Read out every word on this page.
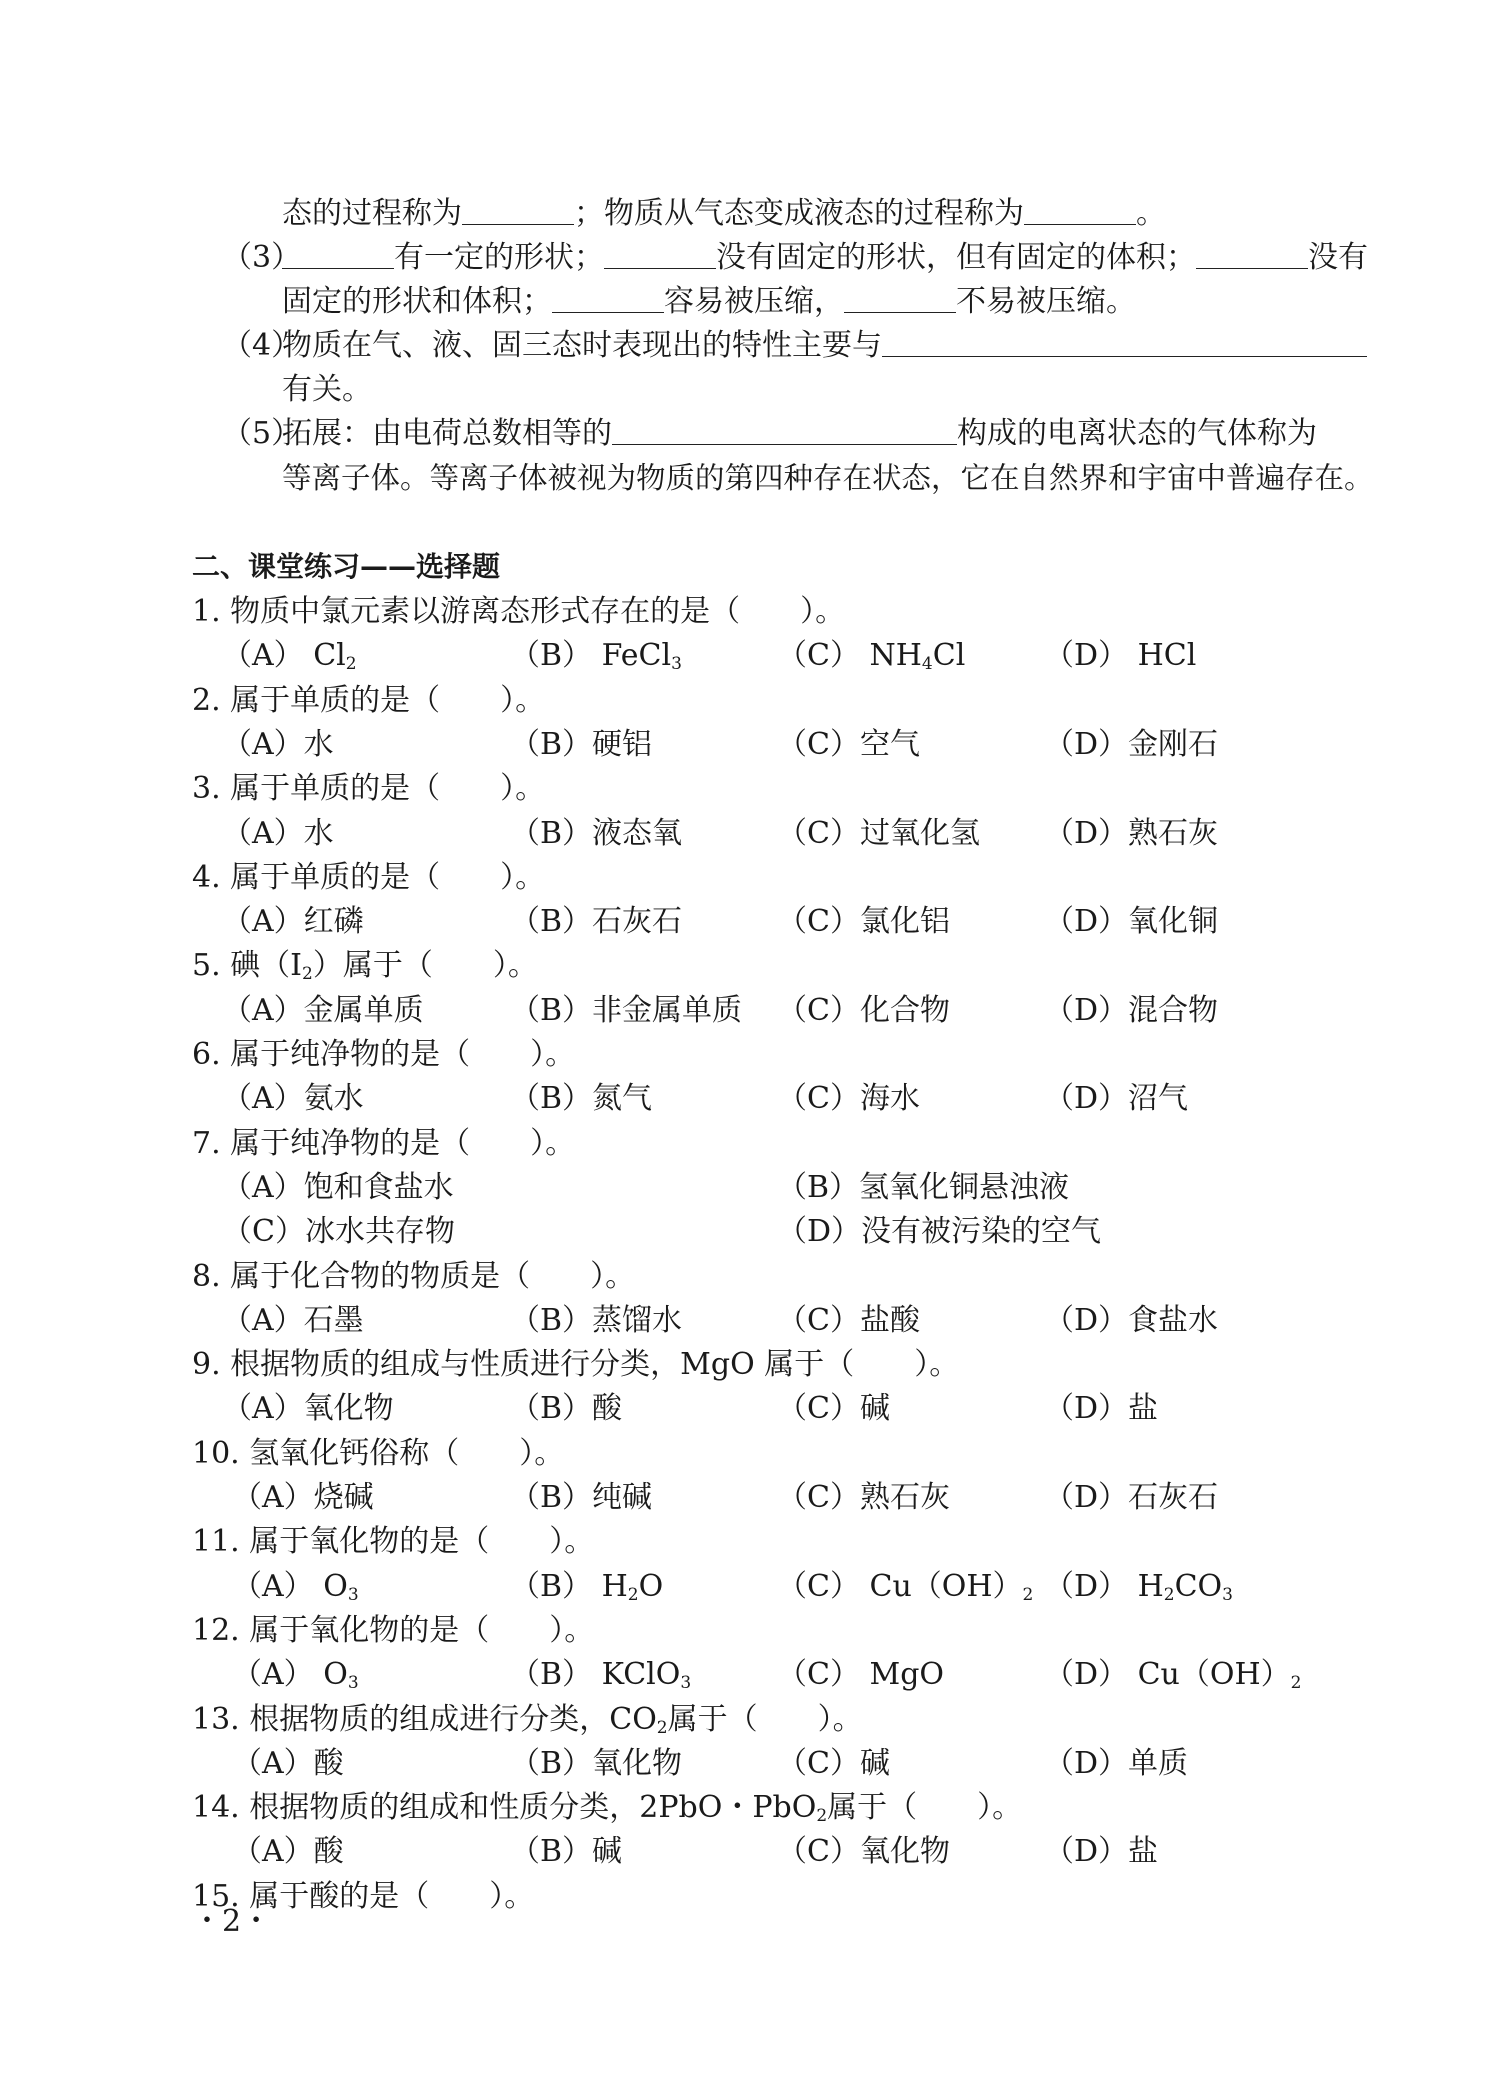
态的过程称为	；物质从气态变成液态的过程称为	。
（3）	有一定的形状；	没有固定的形状，但有固定的体积；	没有
固定的形状和体积；	容易被压缩，	不易被压缩。
（4）
物质在气、液、固三态时表现出的特性主要与
有关。
（5）
拓展：由电荷总数相等的	构成的电离状态的气体称为
等离子体。等离子体被视为物质的第四种存在状态，它在自然界和宇宙中普遍存在。
二、课堂练习——选择题
1. 物质中氯元素以游离态形式存在的是（　　）。
（A） $Cl_2$	（B） FeCl$_3$	（C） $NH_4Cl$	（D） HCl
2. 属于单质的是（　　）。
（A）水	（B）硬铝	（C）空气	（D）金刚石
3. 属于单质的是（　　）。
（A）水	（B）液态氧	（C）过氧化氢 （D）熟石灰
4. 属于单质的是（　　）。
（A）红磷	（B）石灰石	（C）氯化铝	（D）氧化铜
5. 碘$(I_2)$属于（　　）。
（A）金属单质	（B）非金属单质 （C）化合物	（D）混合物
6. 属于纯净物的是（　　）。
（A）氨水	（B）氮气	（C）海水	（D）沼气
7. 属于纯净物的是（　　）。
（A）饱和食盐水	（B）氢氧化铜悬浊液
（C）冰水共存物	（D）没有被污染的空气
8. 属于化合物的物质是（　　）。
（A）石墨	（B）蒸馏水	（C）盐酸	（D）食盐水
9. 根据物质的组成与性质进行分类，MgO 属于（　　）。
（A）氧化物	（B）酸	（C）碱	（D）盐
10. 氢氧化钙俗称（　　）。
（A）烧碱	（B）纯碱	（C）熟石灰	（D）石灰石
11. 属于氧化物的是（　　）。
（A） $O_3$	（B） $H_2O$	（C） $Cu(OH)_2$ （D） $H_2CO_3$
12. 属于氧化物的是（　　）。
（A） $O_3$	（B） KClO$_3$	（C） MgO	（D） $Cu(OH)_2$
13. 根据物质的组成进行分类，$CO_2$属于（　　）。
（A）酸	（B）氧化物	（C）碱	（D）单质
14. 根据物质的组成和性质分类，2PbO・PbO$_2$属于（　　）。
（A）酸	（B）碱	（C）氧化物	（D）盐
15. 属于酸的是（　　）。
・2・
